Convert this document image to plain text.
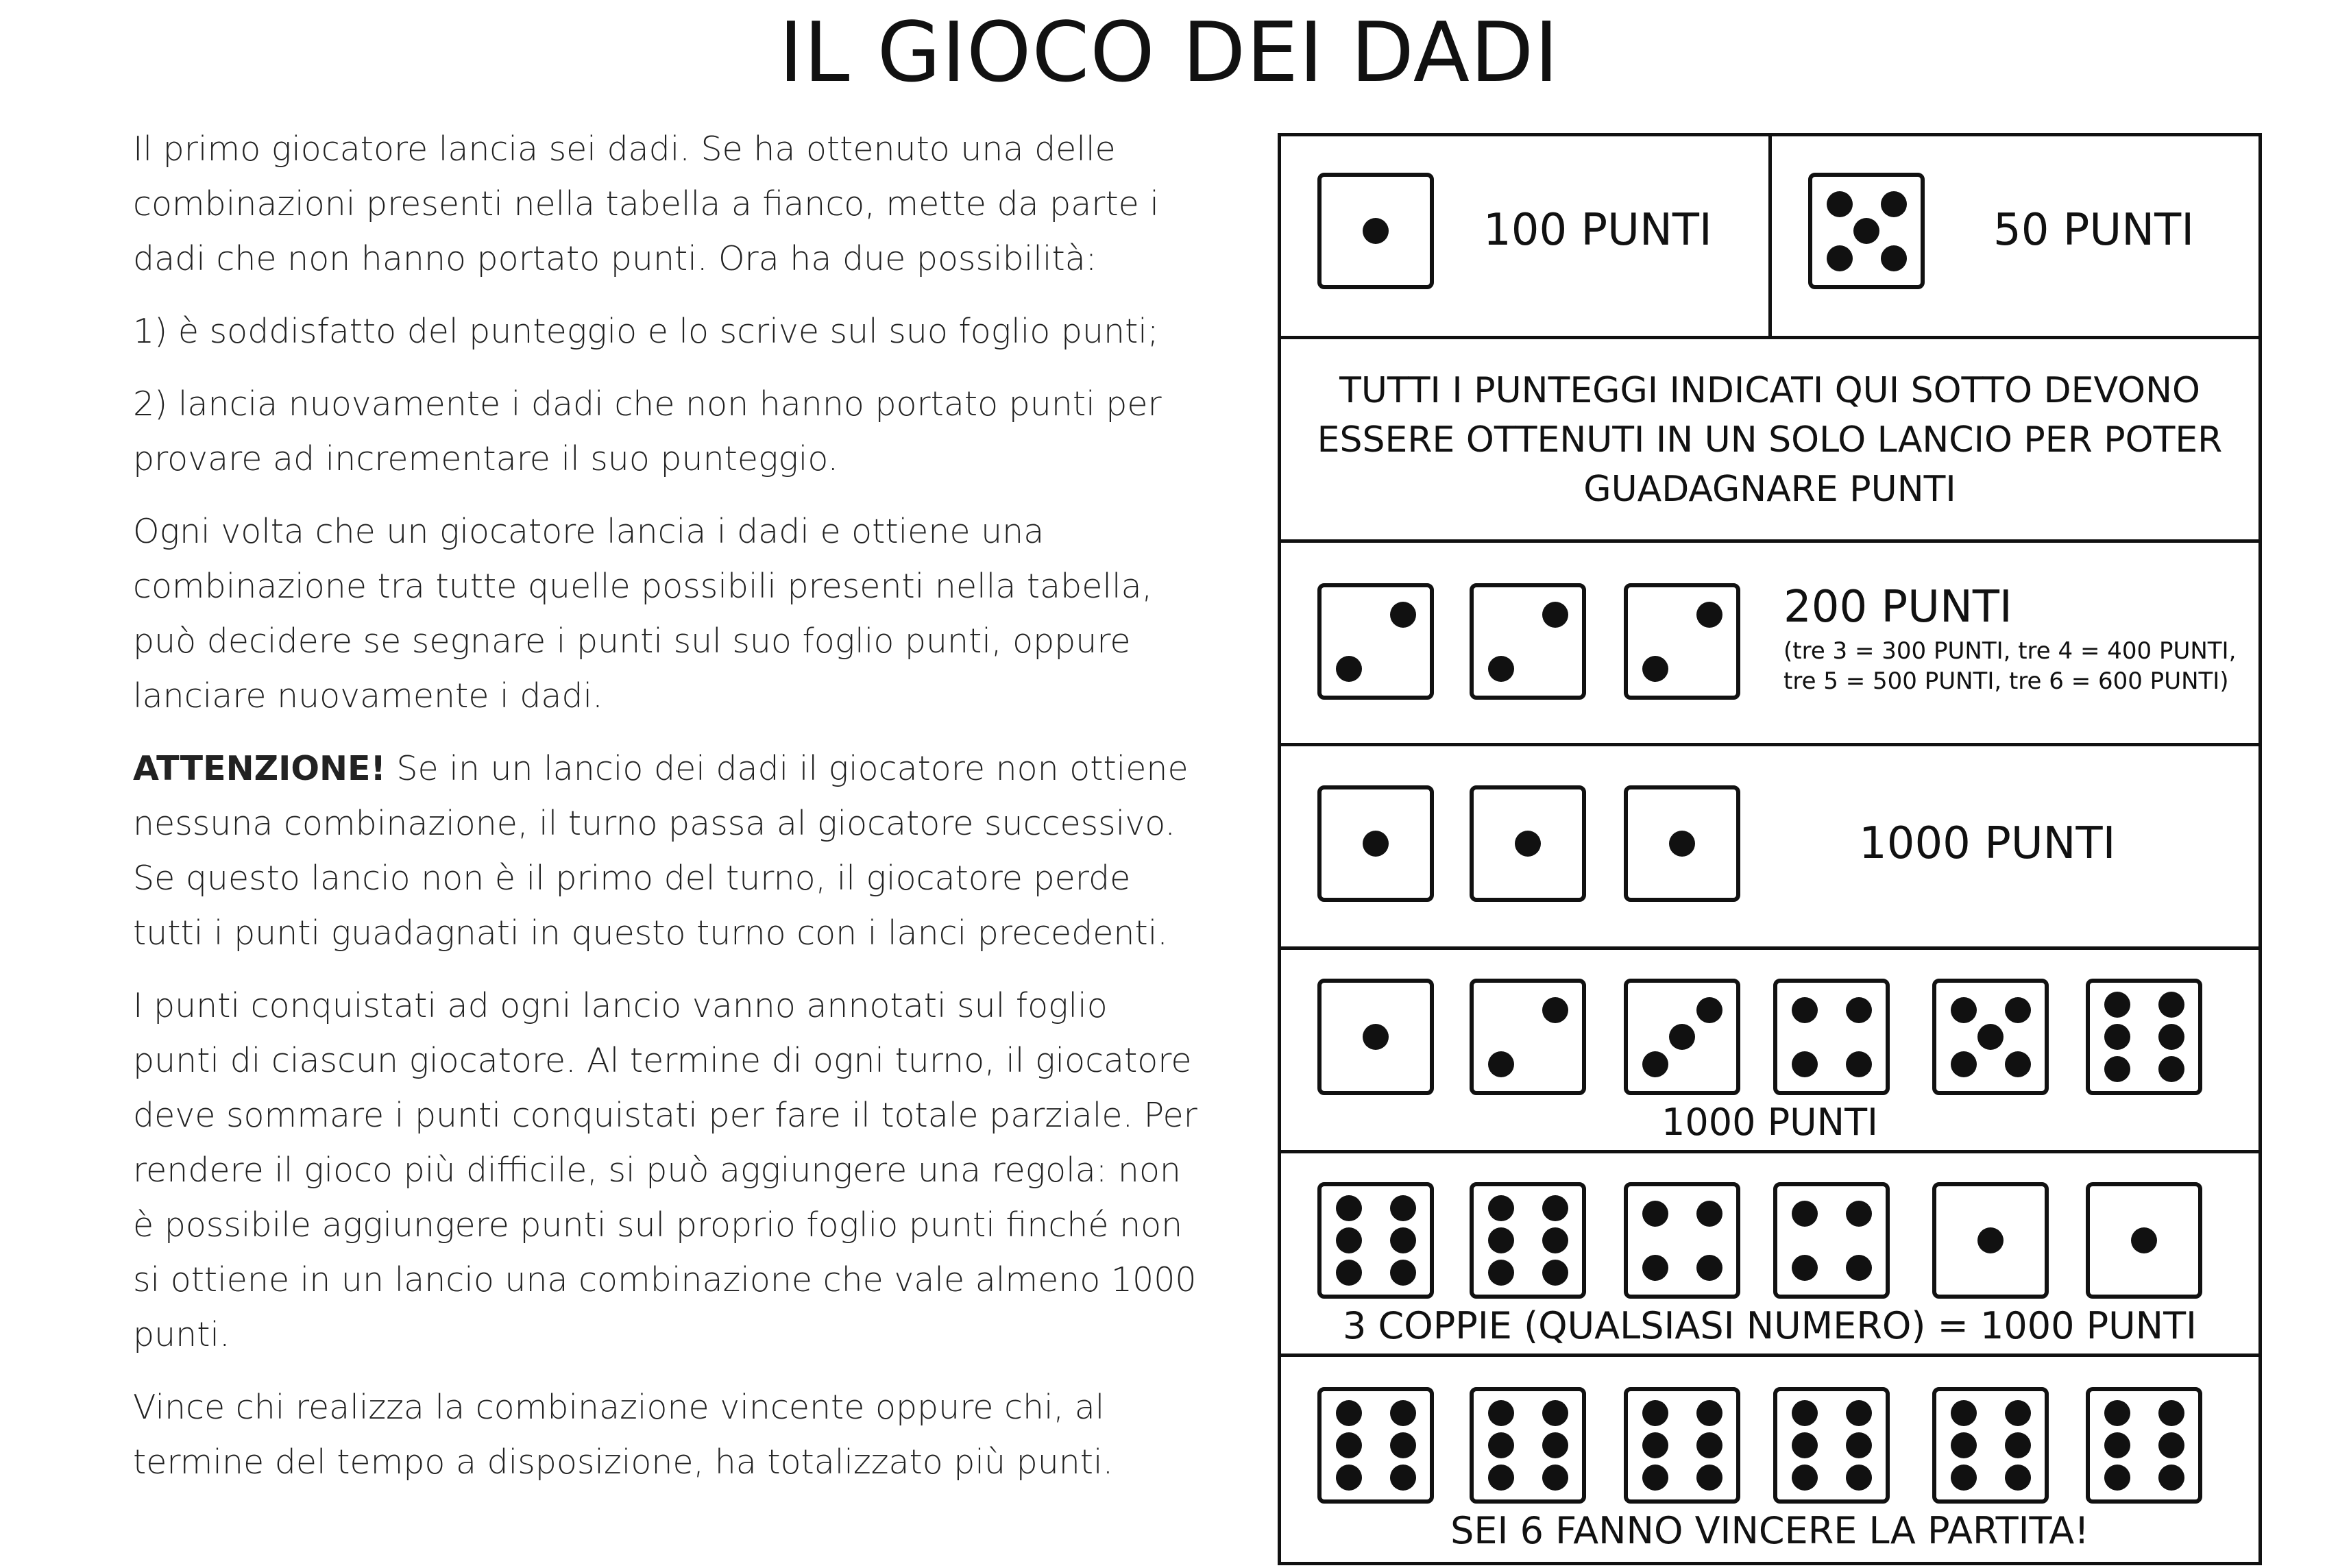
IL GIOCO DEI DADI

Il primo giocatore lancia sei dadi. Se ha ottenuto una delle combinazioni presenti nella tabella a fianco, mette da parte i dadi che non hanno portato punti. Ora ha due possibilità:

1) è soddisfatto del punteggio e lo scrive sul suo foglio punti;

2) lancia nuovamente i dadi che non hanno portato punti per provare ad incrementare il suo punteggio.

Ogni volta che un giocatore lancia i dadi e ottiene una combinazione tra tutte quelle possibili presenti nella tabella, può decidere se segnare i punti sul suo foglio punti, oppure lanciare nuovamente i dadi.

ATTENZIONE! Se in un lancio dei dadi il giocatore non ottiene nessuna combinazione, il turno passa al giocatore successivo. Se questo lancio non è il primo del turno, il giocatore perde tutti i punti guadagnati in questo turno con i lanci precedenti.

I punti conquistati ad ogni lancio vanno annotati sul foglio punti di ciascun giocatore. Al termine di ogni turno, il giocatore deve sommare i punti conquistati per fare il totale parziale. Per rendere il gioco più difficile, si può aggiungere una regola: non è possibile aggiungere punti sul proprio foglio punti finché non si ottiene in un lancio una combinazione che vale almeno 1000 punti.

Vince chi realizza la combinazione vincente oppure chi, al termine del tempo a disposizione, ha totalizzato più punti.

100 PUNTI	50 PUNTI
TUTTI I PUNTEGGI INDICATI QUI SOTTO DEVONO ESSERE OTTENUTI IN UN SOLO LANCIO PER POTER GUADAGNARE PUNTI
200 PUNTI
(tre 3 = 300 PUNTI, tre 4 = 400 PUNTI,
tre 5 = 500 PUNTI, tre 6 = 600 PUNTI)
1000 PUNTI
1000 PUNTI
3 COPPIE (QUALSIASI NUMERO) = 1000 PUNTI
SEI 6 FANNO VINCERE LA PARTITA!
